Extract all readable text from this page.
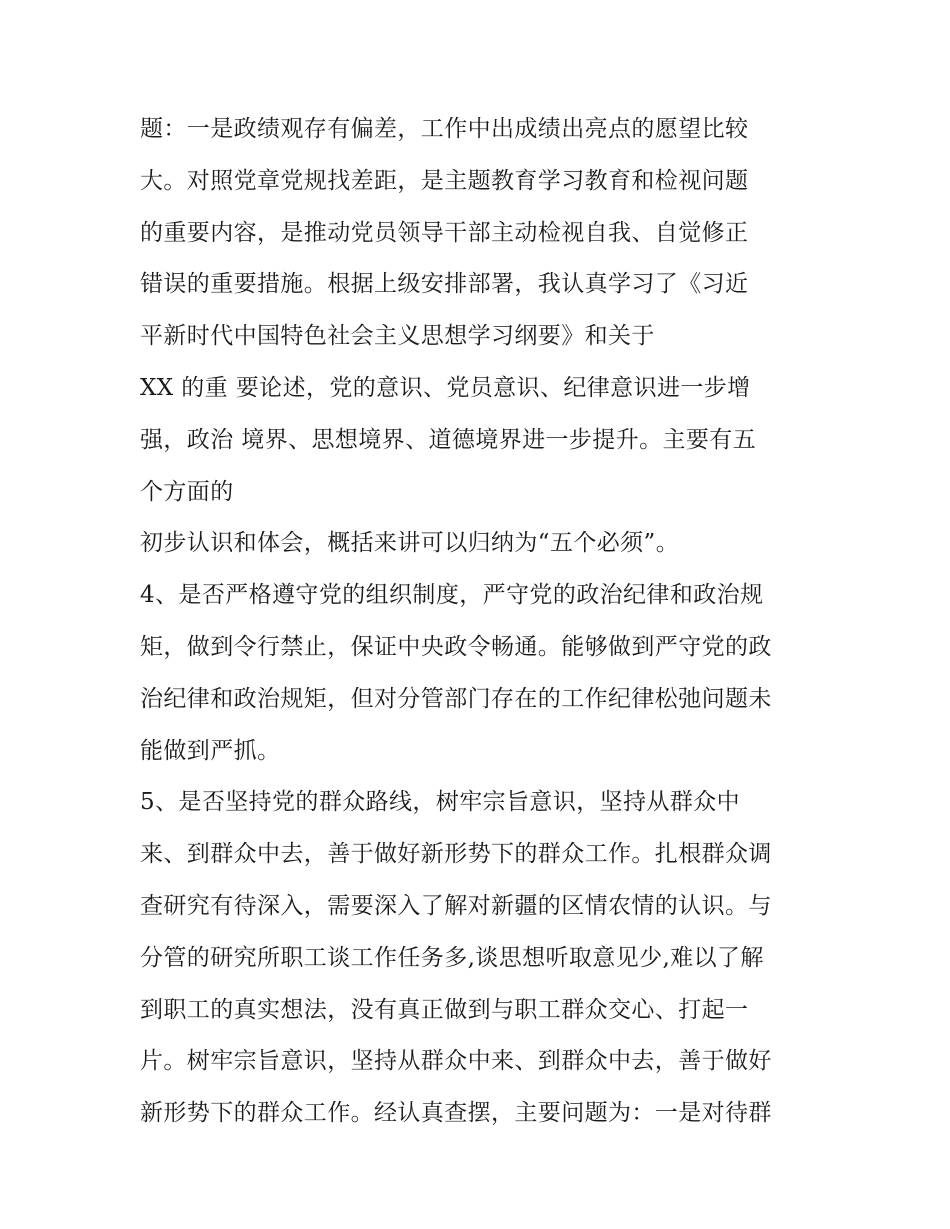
题：一是政绩观存有偏差，工作中出成绩出亮点的愿望比较
大。对照党章党规找差距，是主题教育学习教育和检视问题
的重要内容，是推动党员领导干部主动检视自我、自觉修正
错误的重要措施。根据上级安排部署，我认真学习了《习近
平新时代中国特色社会主义思想学习纲要》和关于
XX 的重 要论述，党的意识、党员意识、纪律意识进一步增
强，政治 境界、思想境界、道德境界进一步提升。主要有五
个方面的
初步认识和体会，概括来讲可以归纳为“五个必须”。
4、是否严格遵守党的组织制度，严守党的政治纪律和政治规
矩，做到令行禁止，保证中央政令畅通。能够做到严守党的政
治纪律和政治规矩，但对分管部门存在的工作纪律松弛问题未
能做到严抓。
5、是否坚持党的群众路线，树牢宗旨意识，坚持从群众中
来、到群众中去，善于做好新形势下的群众工作。扎根群众调
查研究有待深入，需要深入了解对新疆的区情农情的认识。与
分管的研究所职工谈工作任务多,谈思想听取意见少,难以了解
到职工的真实想法，没有真正做到与职工群众交心、打起一
片。树牢宗旨意识，坚持从群众中来、到群众中去，善于做好
新形势下的群众工作。经认真查摆，主要问题为：一是对待群
